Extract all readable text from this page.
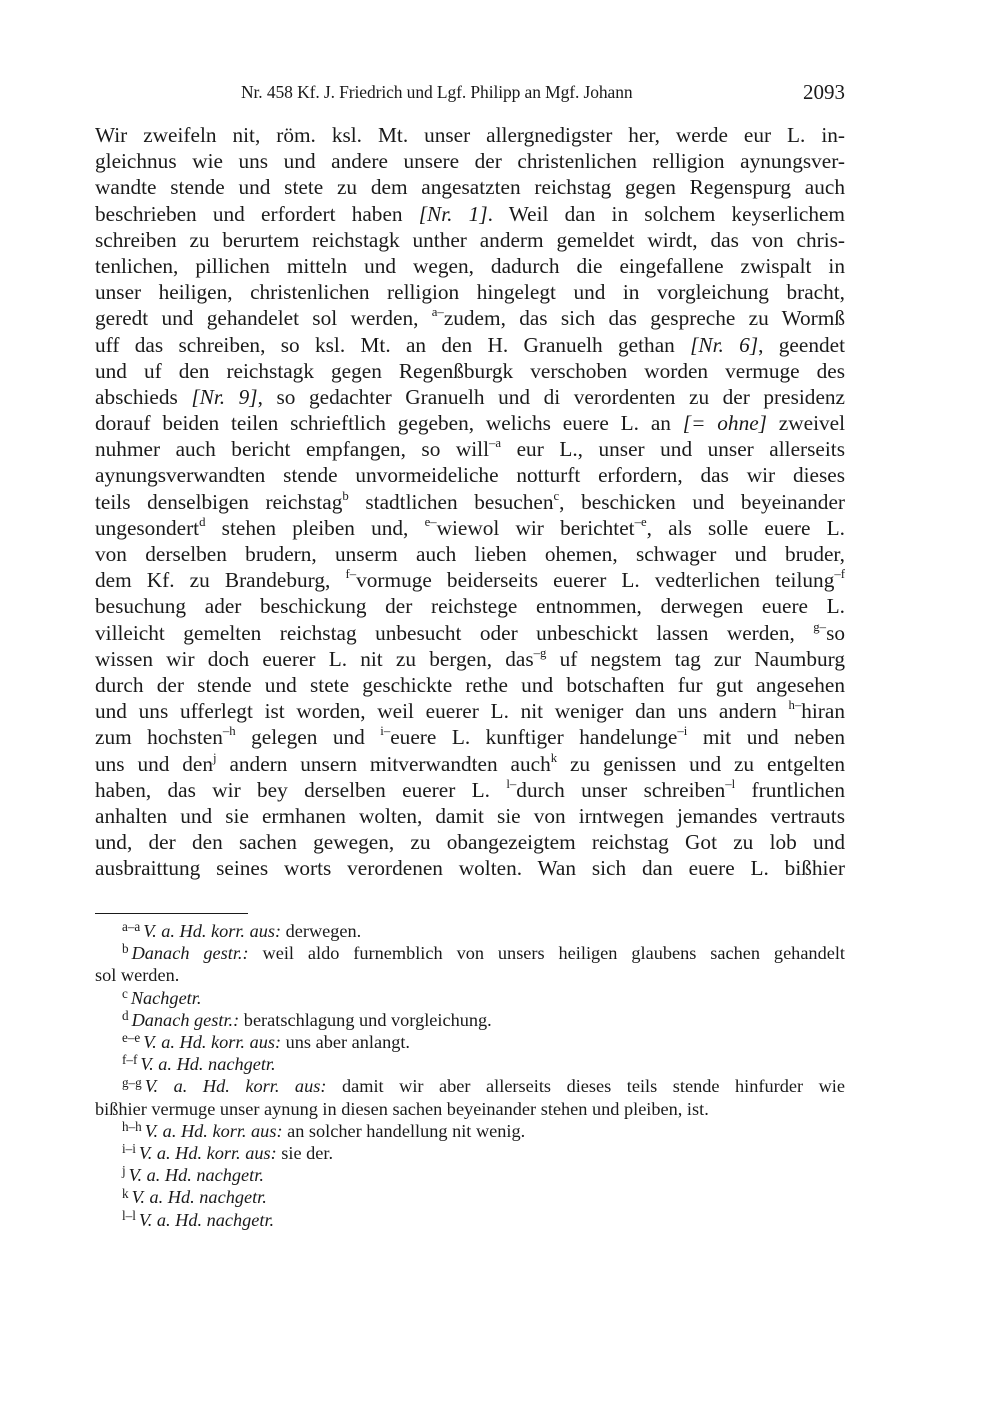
Nr. 458 Kf. J. Friedrich und Lgf. Philipp an Mgf. Johann	2093
Wir zweifeln nit, röm. ksl. Mt. unser allergnedigster her, werde eur L. in-
gleichnus wie uns und andere unsere der christenlichen relligion aynungsver-
wandte stende und stete zu dem angesatzten reichstag gegen Regenspurg auch
beschrieben und erfordert haben [Nr. 1]. Weil dan in solchem keyserlichem
schreiben zu berurtem reichstagk unther anderm gemeldet wirdt, das von chris-
tenlichen, pillichen mitteln und wegen, dadurch die eingefallene zwispalt in
unser heiligen, christenlichen relligion hingelegt und in vorgleichung bracht,
geredt und gehandelet sol werden, $^{a-}$zudem, das sich das gespreche zu Wormß
uff das schreiben, so ksl. Mt. an den H. Granuelh gethan [Nr. 6], geendet
und uf den reichstagk gegen Regenßburgk verschoben worden vermuge des
abschieds [Nr. 9], so gedachter Granuelh und di verordenten zu der presidenz
dorauf beiden teilen schrieftlich gegeben, welichs euere L. an [= ohne] zweivel
nuhmer auch bericht empfangen, so will$^{-a}$ eur L., unser und unser allerseits
aynungsverwandten stende unvormeideliche notturft erfordern, das wir dieses
teils denselbigen reichstag$^b$ stadtlichen besuchen$^c$, beschicken und beyeinander
ungesondert$^d$ stehen pleiben und, $^{e-}$wiewol wir berichtet$^{-e}$, als solle euere L.
von derselben brudern, unserm auch lieben ohemen, schwager und bruder,
dem Kf. zu Brandeburg, $^{f-}$vormuge beiderseits euerer L. vedterlichen teilung$^{-f}$
besuchung ader beschickung der reichstege entnommen, derwegen euere L.
villeicht gemelten reichstag unbesucht oder unbeschickt lassen werden, $^{g-}$so
wissen wir doch euerer L. nit zu bergen, das$^{-g}$ uf negstem tag zur Naumburg
durch der stende und stete geschickte rethe und botschaften fur gut angesehen
und uns ufferlegt ist worden, weil euerer L. nit weniger dan uns andern $^{h-}$hiran
zum hochsten$^{-h}$ gelegen und $^{i-}$euere L. kunftiger handelunge$^{-i}$ mit und neben
uns und den$^j$ andern unsern mitverwandten auch$^k$ zu genissen und zu entgelten
haben, das wir bey derselben euerer L. $^{l-}$durch unser schreiben$^{-l}$ fruntlichen
anhalten und sie ermhanen wolten, damit sie von irntwegen jemandes vertrauts
und, der den sachen gewegen, zu obangezeigtem reichstag Got zu lob und
ausbraittung seines worts verordenen wolten. Wan sich dan euere L. bißhier
$^{a-a}$ V. a. Hd. korr. aus: derwegen.
$^b$ Danach gestr.: weil aldo furnemblich von unsers heiligen glaubens sachen gehandelt
sol werden.
$^c$ Nachgetr.
$^d$ Danach gestr.: beratschlagung und vorgleichung.
$^{e-e}$ V. a. Hd. korr. aus: uns aber anlangt.
$^{f-f}$ V. a. Hd. nachgetr.
$^{g-g}$ V. a. Hd. korr. aus: damit wir aber allerseits dieses teils stende hinfurder wie
bißhier vermuge unser aynung in diesen sachen beyeinander stehen und pleiben, ist.
$^{h-h}$ V. a. Hd. korr. aus: an solcher handellung nit wenig.
$^{i-i}$ V. a. Hd. korr. aus: sie der.
$^j$ V. a. Hd. nachgetr.
$^k$ V. a. Hd. nachgetr.
$^{l-l}$ V. a. Hd. nachgetr.
